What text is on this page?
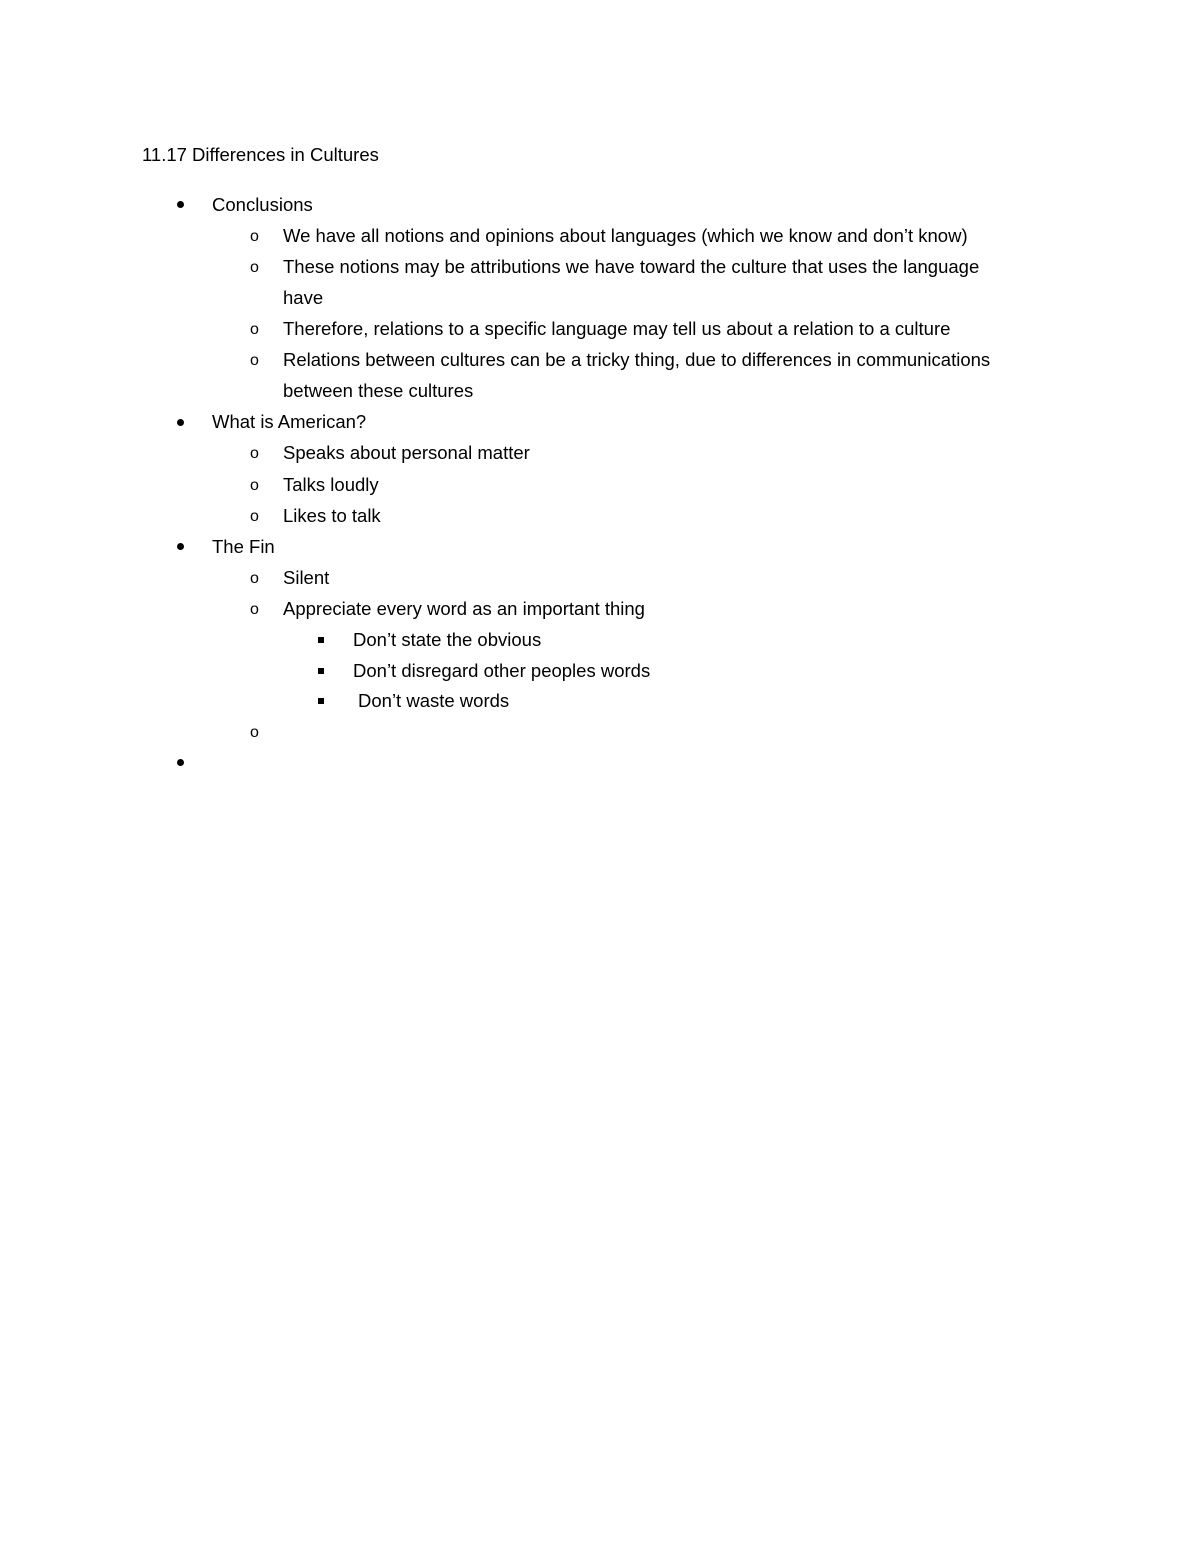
11.17 Differences in Cultures
Conclusions
o We have all notions and opinions about languages (which we know and don’t know)
o These notions may be attributions we have toward the culture that uses the language
have
o Therefore, relations to a specific language may tell us about a relation to a culture
o Relations between cultures can be a tricky thing, due to differences in communications
between these cultures
What is American?
o Speaks about personal matter
o Talks loudly
o Likes to talk
The Fin
o Silent
o Appreciate every word as an important thing
Don’t state the obvious
Don’t disregard other peoples words
Don’t waste words
o
